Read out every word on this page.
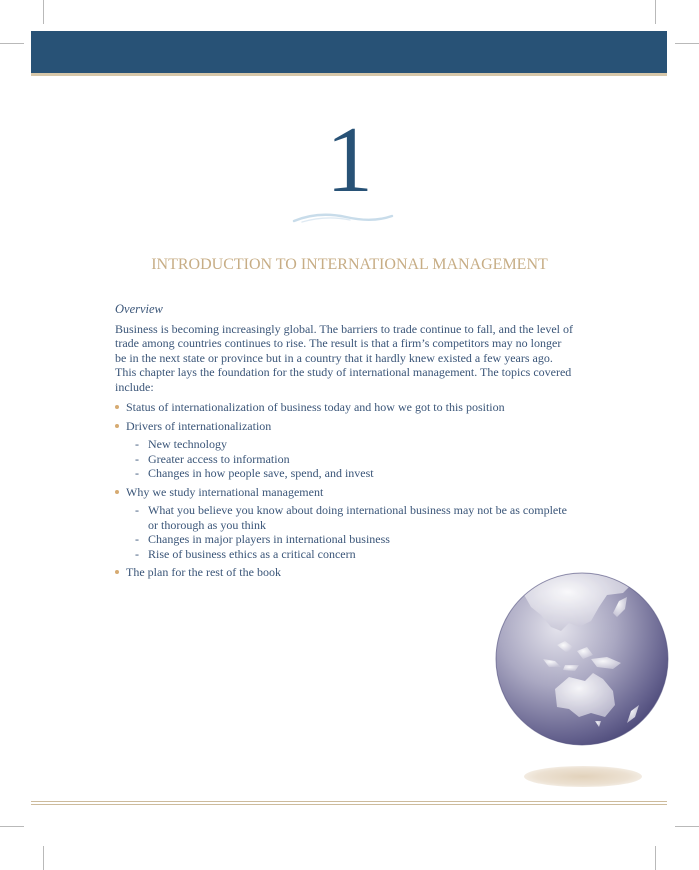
1
INTRODUCTION TO INTERNATIONAL MANAGEMENT

Overview

Business is becoming increasingly global. The barriers to trade continue to fall, and the level of trade among countries continues to rise. The result is that a firm’s competitors may no longer be in the next state or province but in a country that it hardly knew existed a few years ago. This chapter lays the foundation for the study of international management. The topics covered include:

Status of internationalization of business today and how we got to this position
Drivers of internationalization
- New technology
- Greater access to information
- Changes in how people save, spend, and invest
Why we study international management
- What you believe you know about doing international business may not be as complete or thorough as you think
- Changes in major players in international business
- Rise of business ethics as a critical concern
The plan for the rest of the book
